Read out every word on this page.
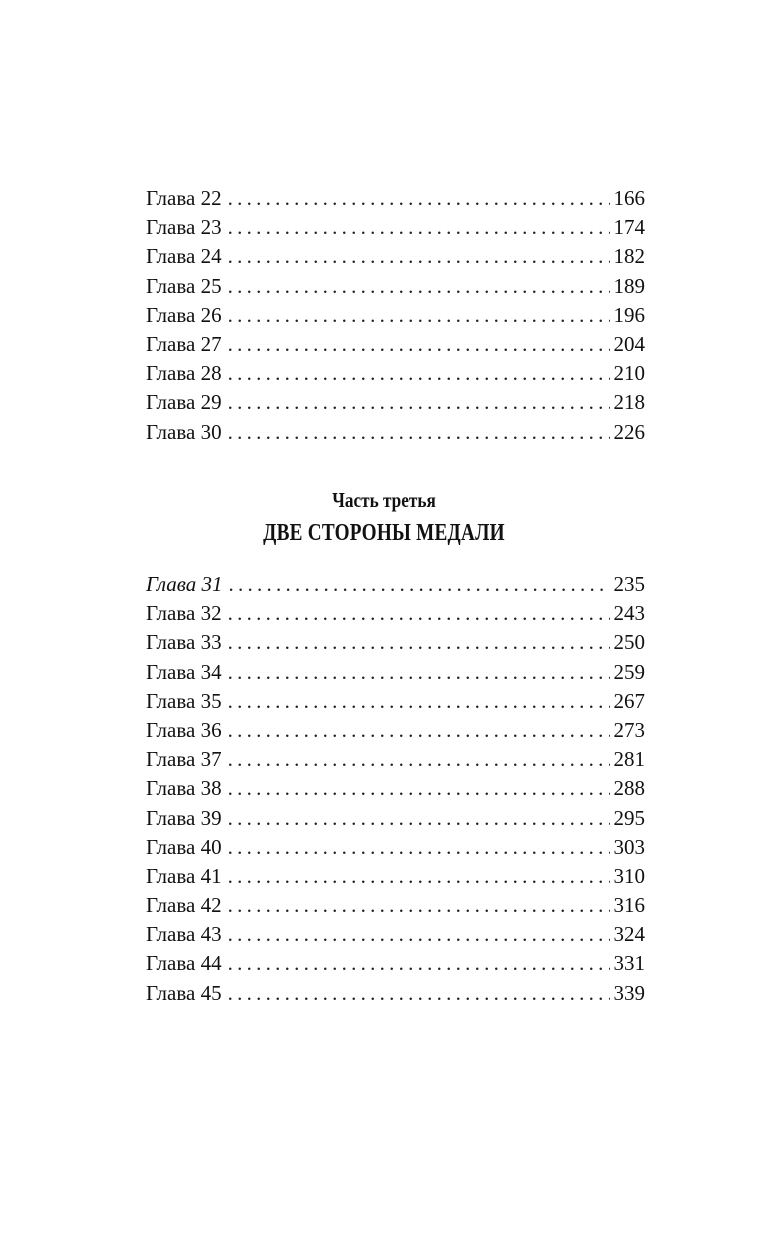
Глава 22 . . .	166
Глава 23 . . .	174
Глава 24 . . .	182
Глава 25 . . .	189
Глава 26 . . .	196
Глава 27 . . .	204
Глава 28 . . .	210
Глава 29 . . .	218
Глава 30 . . .	226
Часть третья
ДВЕ СТОРОНЫ МЕДАЛИ
Глава 31 . . .	235
Глава 32 . . .	243
Глава 33 . . .	250
Глава 34 . . .	259
Глава 35 . . .	267
Глава 36 . . .	273
Глава 37 . . .	281
Глава 38 . . .	288
Глава 39 . . .	295
Глава 40 . . .	303
Глава 41 . . .	310
Глава 42 . . .	316
Глава 43 . . .	324
Глава 44 . . .	331
Глава 45 . . .	339
